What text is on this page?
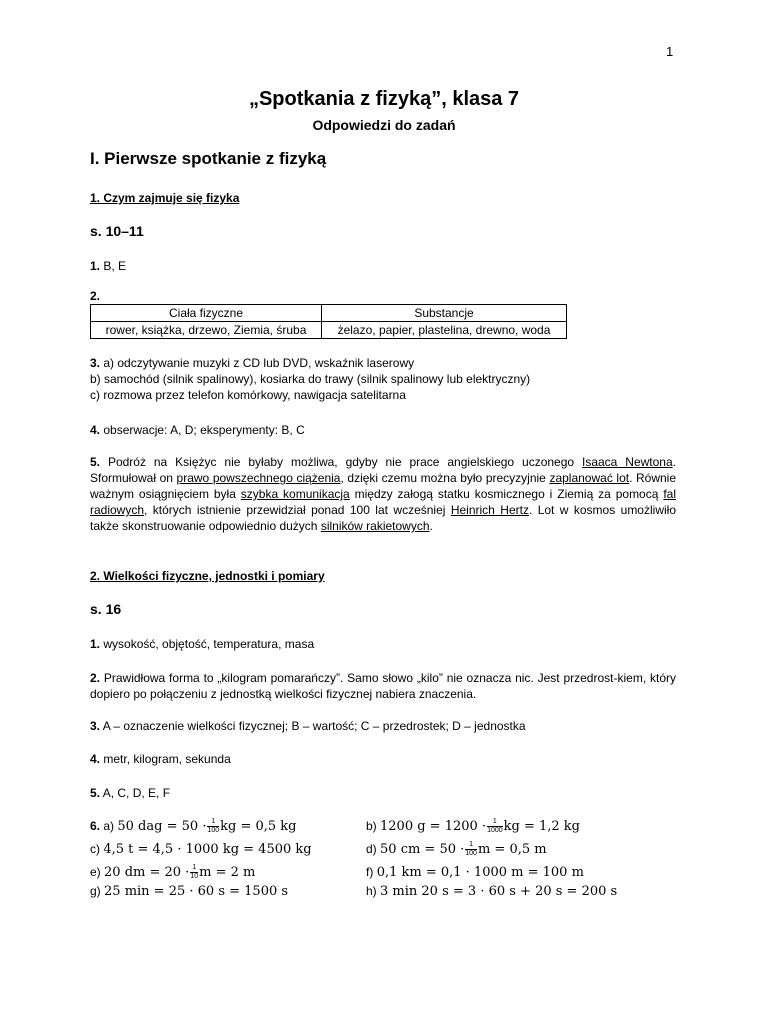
1
„Spotkania z fizyką”, klasa 7
Odpowiedzi do zadań
I. Pierwsze spotkanie z fizyką
1. Czym zajmuje się fizyka
s. 10–11
1. B, E
2.
Ciała fizyczne	Substancje
rower, książka, drzewo, Ziemia, śruba	żelazo, papier, plastelina, drewno, woda
3. a) odczytywanie muzyki z CD lub DVD, wskaźnik laserowy
b) samochód (silnik spalinowy), kosiarka do trawy (silnik spalinowy lub elektryczny)
c) rozmowa przez telefon komórkowy, nawigacja satelitarna
4. obserwacje: A, D; eksperymenty: B, C
5. Podróż na Księżyc nie byłaby możliwa, gdyby nie prace angielskiego uczonego Isaaca Newtona. Sformułował on prawo powszechnego ciążenia, dzięki czemu można było precyzyjnie zaplanować lot. Równie ważnym osiągnięciem była szybka komunikacja między załogą statku kosmicznego i Ziemią za pomocą fal radiowych, których istnienie przewidział ponad 100 lat wcześniej Heinrich Hertz. Lot w kosmos umożliwiło także skonstruowanie odpowiednio dużych silników rakietowych.
2. Wielkości fizyczne, jednostki i pomiary
s. 16
1. wysokość, objętość, temperatura, masa
2. Prawidłowa forma to „kilogram pomarańczy”. Samo słowo „kilo” nie oznacza nic. Jest przedrost-kiem, który dopiero po połączeniu z jednostką wielkości fizycznej nabiera znaczenia.
3. A – oznaczenie wielkości fizycznej; B – wartość; C – przedrostek; D – jednostka
4. metr, kilogram, sekunda
5. A, C, D, E, F
6. a) 50 dag = $50 \cdot \frac{1}{100}$ kg = 0,5 kg	b) 1200 $g = 1200 \cdot \frac{1}{1000}$ kg = 1,2 kg
c) 4,5 t = 4,5 · 1000 kg = 4500 kg	d) 50 cm = $50 \cdot \frac{1}{100}$ m = 0,5 m
e) 20 dm = $20 \cdot \frac{1}{10}$ m = 2 m	f) 0,1 km = 0,1 · 1000 m = 100 m
g) 25 min = 25 · 60 s = 1500 s	h) 3 min 20 s = 3 · 60 s + 20 s = 200 s
